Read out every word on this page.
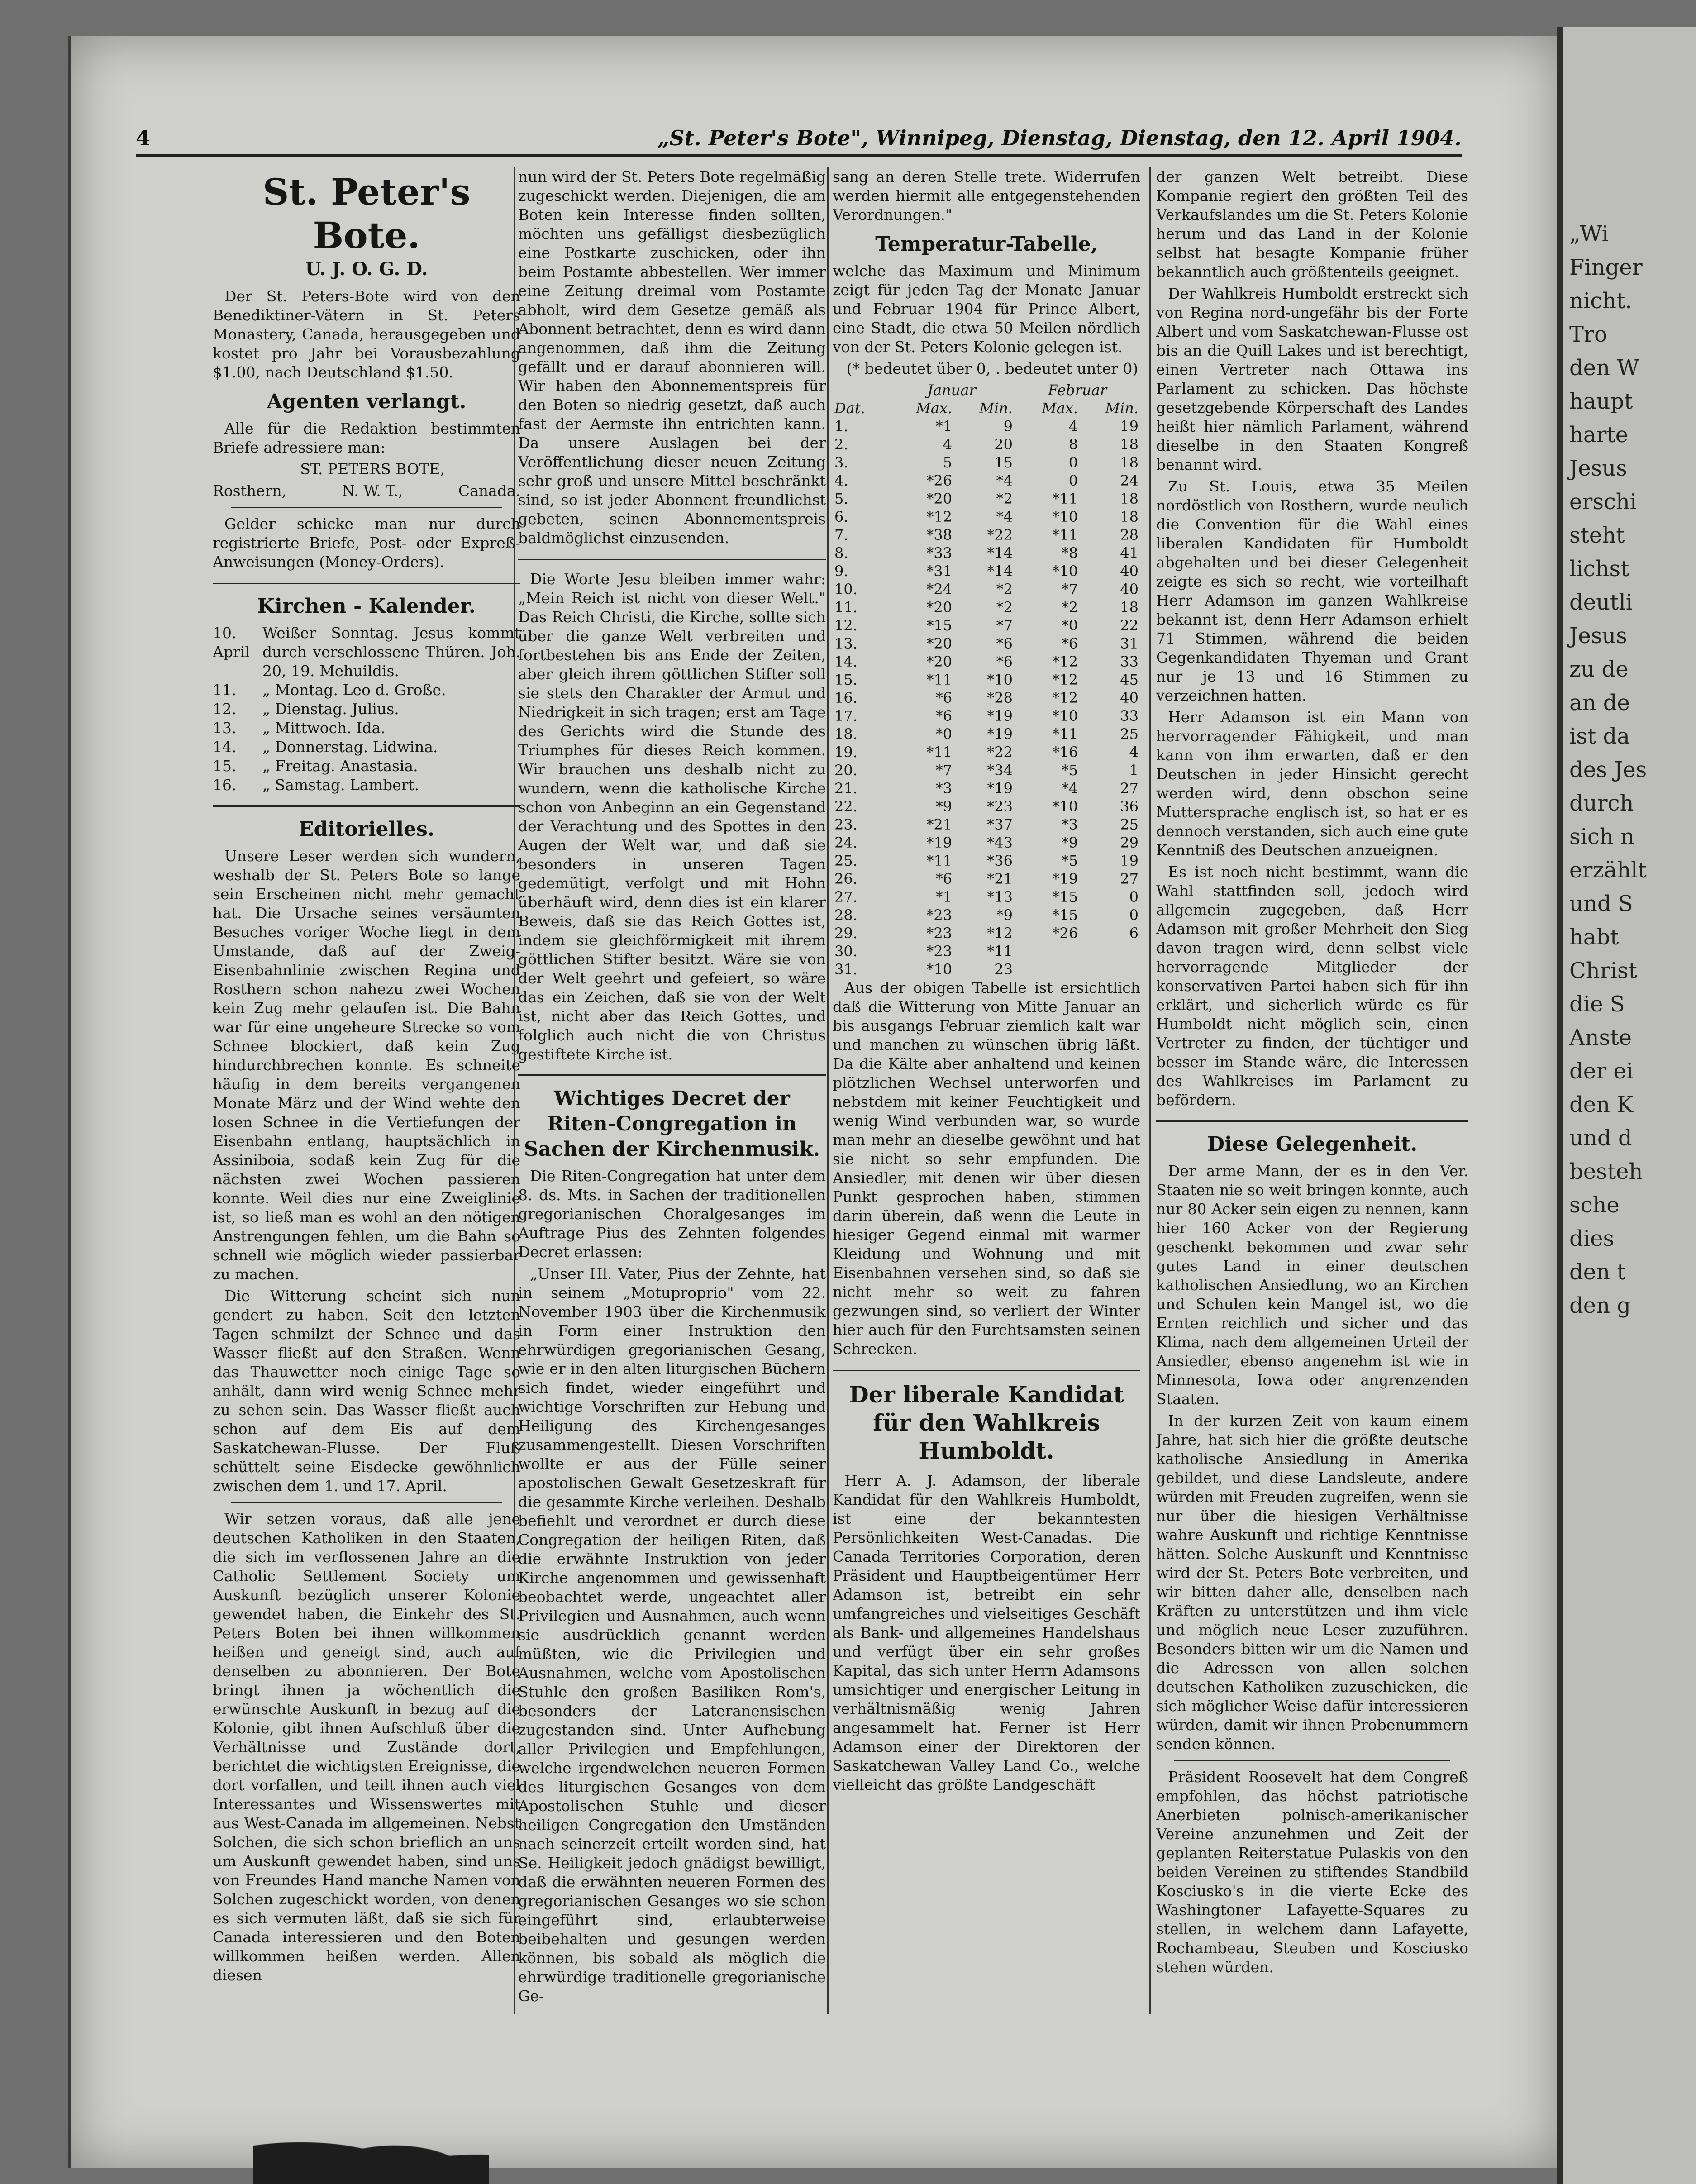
„Wi

Finger

nicht.

Tro

den W

haupt

harte

Jesus

erschi

steht

lichst

deutli

Jesus

zu de

an de

ist da

des Jes

durch

sich n

erzählt

und S

habt

Christ

die S

Anste

der ei

den K

und d

besteh

sche

dies

den t

den g

4	„St. Peter's Bote", Winnipeg, Dienstag, Dienstag, den 12. April 1904.
St. Peter's Bote.
U. J. O. G. D.

Der St. Peters-Bote wird von den Benediktiner-Vätern in St. Peters Monastery, Canada, herausgegeben und kostet pro Jahr bei Vorausbezahlung $1.00, nach Deutschland $1.50.

Agenten verlangt.

Alle für die Redaktion bestimmten Briefe adressiere man:

ST. PETERS BOTE,

Rosthern,	N. W. T.,	Canada.

Gelder schicke man nur durch registrierte Briefe, Post- oder Expreß-Anweisungen (Money-Orders).

Kirchen - Kalender.
10. April	Weißer Sonntag. Jesus kommt durch verschlossene Thüren. Joh. 20, 19. Mehuildis.
11.	„ Montag. Leo d. Große.
12.	„ Dienstag. Julius.
13.	„ Mittwoch. Ida.
14.	„ Donnerstag. Lidwina.
15.	„ Freitag. Anastasia.
16.	„ Samstag. Lambert.
Editorielles.

Unsere Leser werden sich wundern, weshalb der St. Peters Bote so lange sein Erscheinen nicht mehr gemacht hat. Die Ursache seines versäumten Besuches voriger Woche liegt in dem Umstande, daß auf der Zweig-Eisenbahnlinie zwischen Regina und Rosthern schon nahezu zwei Wochen kein Zug mehr gelaufen ist. Die Bahn war für eine ungeheure Strecke so vom Schnee blockiert, daß kein Zug hindurchbrechen konnte. Es schneite häufig in dem bereits vergangenen Monate März und der Wind wehte den losen Schnee in die Vertiefungen der Eisenbahn entlang, hauptsächlich in Assiniboia, sodaß kein Zug für die nächsten zwei Wochen passieren konnte. Weil dies nur eine Zweiglinie ist, so ließ man es wohl an den nötigen Anstrengungen fehlen, um die Bahn so schnell wie möglich wieder passierbar zu machen.

Die Witterung scheint sich nun gendert zu haben. Seit den letzten Tagen schmilzt der Schnee und das Wasser fließt auf den Straßen. Wenn das Thauwetter noch einige Tage so anhält, dann wird wenig Schnee mehr zu sehen sein. Das Wasser fließt auch schon auf dem Eis auf dem Saskatchewan-Flusse. Der Fluß schüttelt seine Eisdecke gewöhnlich zwischen dem 1. und 17. April.

Wir setzen voraus, daß alle jene deutschen Katholiken in den Staaten, die sich im verflossenen Jahre an die Catholic Settlement Society um Auskunft bezüglich unserer Kolonie gewendet haben, die Einkehr des St. Peters Boten bei ihnen willkommen heißen und geneigt sind, auch auf denselben zu abonnieren. Der Bote bringt ihnen ja wöchentlich die erwünschte Auskunft in bezug auf die Kolonie, gibt ihnen Aufschluß über die Verhältnisse und Zustände dort, berichtet die wichtigsten Ereignisse, die dort vorfallen, und teilt ihnen auch viel Interessantes und Wissenswertes mit aus West-Canada im allgemeinen. Nebst Solchen, die sich schon brieflich an uns um Auskunft gewendet haben, sind uns von Freundes Hand manche Namen von Solchen zugeschickt worden, von denen es sich vermuten läßt, daß sie sich für Canada interessieren und den Boten willkommen heißen werden. Allen diesen

nun wird der St. Peters Bote regelmäßig zugeschickt werden. Diejenigen, die am Boten kein Interesse finden sollten, möchten uns gefälligst diesbezüglich eine Postkarte zuschicken, oder ihn beim Postamte abbestellen. Wer immer eine Zeitung dreimal vom Postamte abholt, wird dem Gesetze gemäß als Abonnent betrachtet, denn es wird dann angenommen, daß ihm die Zeitung gefällt und er darauf abonnieren will. Wir haben den Abonnementspreis für den Boten so niedrig gesetzt, daß auch fast der Aermste ihn entrichten kann. Da unsere Auslagen bei der Veröffentlichung dieser neuen Zeitung sehr groß und unsere Mittel beschränkt sind, so ist jeder Abonnent freundlichst gebeten, seinen Abonnementspreis baldmöglichst einzusenden.

Die Worte Jesu bleiben immer wahr: „Mein Reich ist nicht von dieser Welt." Das Reich Christi, die Kirche, sollte sich über die ganze Welt verbreiten und fortbestehen bis ans Ende der Zeiten, aber gleich ihrem göttlichen Stifter soll sie stets den Charakter der Armut und Niedrigkeit in sich tragen; erst am Tage des Gerichts wird die Stunde des Triumphes für dieses Reich kommen. Wir brauchen uns deshalb nicht zu wundern, wenn die katholische Kirche schon von Anbeginn an ein Gegenstand der Verachtung und des Spottes in den Augen der Welt war, und daß sie besonders in unseren Tagen gedemütigt, verfolgt und mit Hohn überhäuft wird, denn dies ist ein klarer Beweis, daß sie das Reich Gottes ist, indem sie gleichförmigkeit mit ihrem göttlichen Stifter besitzt. Wäre sie von der Welt geehrt und gefeiert, so wäre das ein Zeichen, daß sie von der Welt ist, nicht aber das Reich Gottes, und folglich auch nicht die von Christus gestiftete Kirche ist.

Wichtiges Decret der Riten-Congregation in Sachen der Kirchenmusik.

Die Riten-Congregation hat unter dem 8. ds. Mts. in Sachen der traditionellen gregorianischen Choralgesanges im Auftrage Pius des Zehnten folgendes Decret erlassen:

„Unser Hl. Vater, Pius der Zehnte, hat in seinem „Motuproprio" vom 22. November 1903 über die Kirchenmusik in Form einer Instruktion den ehrwürdigen gregorianischen Gesang, wie er in den alten liturgischen Büchern sich findet, wieder eingeführt und wichtige Vorschriften zur Hebung und Heiligung des Kirchengesanges zusammengestellt. Diesen Vorschriften wollte er aus der Fülle seiner apostolischen Gewalt Gesetzeskraft für die gesammte Kirche verleihen. Deshalb befiehlt und verordnet er durch diese Congregation der heiligen Riten, daß die erwähnte Instruktion von jeder Kirche angenommen und gewissenhaft beobachtet werde, ungeachtet aller Privilegien und Ausnahmen, auch wenn sie ausdrücklich genannt werden müßten, wie die Privilegien und Ausnahmen, welche vom Apostolischen Stuhle den großen Basiliken Rom's, besonders der Lateranensischen zugestanden sind. Unter Aufhebung aller Privilegien und Empfehlungen, welche irgendwelchen neueren Formen des liturgischen Gesanges von dem Apostolischen Stuhle und dieser heiligen Congregation den Umständen nach seinerzeit erteilt worden sind, hat Se. Heiligkeit jedoch gnädigst bewilligt, daß die erwähnten neueren Formen des gregorianischen Gesanges wo sie schon eingeführt sind, erlaubterweise beibehalten und gesungen werden können, bis sobald als möglich die ehrwürdige traditionelle gregorianische Ge-

sang an deren Stelle trete. Widerrufen werden hiermit alle entgegenstehenden Verordnungen."

Temperatur-Tabelle,

welche das Maximum und Minimum zeigt für jeden Tag der Monate Januar und Februar 1904 für Prince Albert, eine Stadt, die etwa 50 Meilen nördlich von der St. Peters Kolonie gelegen ist.

(* bedeutet über 0, . bedeutet unter 0)

	Januar		Februar	
Dat.	Max.	Min.	Max.	Min.
1.	*1	9	4	19
2.	4	20	8	18
3.	5	15	0	18
4.	*26	*4	0	24
5.	*20	*2	*11	18
6.	*12	*4	*10	18
7.	*38	*22	*11	28
8.	*33	*14	*8	41
9.	*31	*14	*10	40
10.	*24	*2	*7	40
11.	*20	*2	*2	18
12.	*15	*7	*0	22
13.	*20	*6	*6	31
14.	*20	*6	*12	33
15.	*11	*10	*12	45
16.	*6	*28	*12	40
17.	*6	*19	*10	33
18.	*0	*19	*11	25
19.	*11	*22	*16	4
20.	*7	*34	*5	1
21.	*3	*19	*4	27
22.	*9	*23	*10	36
23.	*21	*37	*3	25
24.	*19	*43	*9	29
25.	*11	*36	*5	19
26.	*6	*21	*19	27
27.	*1	*13	*15	0
28.	*23	*9	*15	0
29.	*23	*12	*26	6
30.	*23	*11		
31.	*10	23		

Aus der obigen Tabelle ist ersichtlich daß die Witterung von Mitte Januar an bis ausgangs Februar ziemlich kalt war und manchen zu wünschen übrig läßt. Da die Kälte aber anhaltend und keinen plötzlichen Wechsel unterworfen und nebstdem mit keiner Feuchtigkeit und wenig Wind verbunden war, so wurde man mehr an dieselbe gewöhnt und hat sie nicht so sehr empfunden. Die Ansiedler, mit denen wir über diesen Punkt gesprochen haben, stimmen darin überein, daß wenn die Leute in hiesiger Gegend einmal mit warmer Kleidung und Wohnung und mit Eisenbahnen versehen sind, so daß sie nicht mehr so weit zu fahren gezwungen sind, so verliert der Winter hier auch für den Furchtsamsten seinen Schrecken.

Der liberale Kandidat für den Wahlkreis Humboldt.

Herr A. J. Adamson, der liberale Kandidat für den Wahlkreis Humboldt, ist eine der bekanntesten Persönlichkeiten West-Canadas. Die Canada Territories Corporation, deren Präsident und Hauptbeigentümer Herr Adamson ist, betreibt ein sehr umfangreiches und vielseitiges Geschäft als Bank- und allgemeines Handelshaus und verfügt über ein sehr großes Kapital, das sich unter Herrn Adamsons umsichtiger und energischer Leitung in verhältnismäßig wenig Jahren angesammelt hat. Ferner ist Herr Adamson einer der Direktoren der Saskatchewan Valley Land Co., welche vielleicht das größte Landgeschäft

der ganzen Welt betreibt. Diese Kompanie regiert den größten Teil des Verkaufslandes um die St. Peters Kolonie herum und das Land in der Kolonie selbst hat besagte Kompanie früher bekanntlich auch größtenteils geeignet.

Der Wahlkreis Humboldt erstreckt sich von Regina nord-ungefähr bis der Forte Albert und vom Saskatchewan-Flusse ost bis an die Quill Lakes und ist berechtigt, einen Vertreter nach Ottawa ins Parlament zu schicken. Das höchste gesetzgebende Körperschaft des Landes heißt hier nämlich Parlament, während dieselbe in den Staaten Kongreß benannt wird.

Zu St. Louis, etwa 35 Meilen nordöstlich von Rosthern, wurde neulich die Convention für die Wahl eines liberalen Kandidaten für Humboldt abgehalten und bei dieser Gelegenheit zeigte es sich so recht, wie vorteilhaft Herr Adamson im ganzen Wahlkreise bekannt ist, denn Herr Adamson erhielt 71 Stimmen, während die beiden Gegenkandidaten Thyeman und Grant nur je 13 und 16 Stimmen zu verzeichnen hatten.

Herr Adamson ist ein Mann von hervorragender Fähigkeit, und man kann von ihm erwarten, daß er den Deutschen in jeder Hinsicht gerecht werden wird, denn obschon seine Muttersprache englisch ist, so hat er es dennoch verstanden, sich auch eine gute Kenntniß des Deutschen anzueignen.

Es ist noch nicht bestimmt, wann die Wahl stattfinden soll, jedoch wird allgemein zugegeben, daß Herr Adamson mit großer Mehrheit den Sieg davon tragen wird, denn selbst viele hervorragende Mitglieder der konservativen Partei haben sich für ihn erklärt, und sicherlich würde es für Humboldt nicht möglich sein, einen Vertreter zu finden, der tüchtiger und besser im Stande wäre, die Interessen des Wahlkreises im Parlament zu befördern.

Diese Gelegenheit.

Der arme Mann, der es in den Ver. Staaten nie so weit bringen konnte, auch nur 80 Acker sein eigen zu nennen, kann hier 160 Acker von der Regierung geschenkt bekommen und zwar sehr gutes Land in einer deutschen katholischen Ansiedlung, wo an Kirchen und Schulen kein Mangel ist, wo die Ernten reichlich und sicher und das Klima, nach dem allgemeinen Urteil der Ansiedler, ebenso angenehm ist wie in Minnesota, Iowa oder angrenzenden Staaten.

In der kurzen Zeit von kaum einem Jahre, hat sich hier die größte deutsche katholische Ansiedlung in Amerika gebildet, und diese Landsleute, andere würden mit Freuden zugreifen, wenn sie nur über die hiesigen Verhältnisse wahre Auskunft und richtige Kenntnisse hätten. Solche Auskunft und Kenntnisse wird der St. Peters Bote verbreiten, und wir bitten daher alle, denselben nach Kräften zu unterstützen und ihm viele und möglich neue Leser zuzuführen. Besonders bitten wir um die Namen und die Adressen von allen solchen deutschen Katholiken zuzuschicken, die sich möglicher Weise dafür interessieren würden, damit wir ihnen Probenummern senden können.

Präsident Roosevelt hat dem Congreß empfohlen, das höchst patriotische Anerbieten polnisch-amerikanischer Vereine anzunehmen und Zeit der geplanten Reiterstatue Pulaskis von den beiden Vereinen zu stiftendes Standbild Kosciusko's in die vierte Ecke des Washingtoner Lafayette-Squares zu stellen, in welchem dann Lafayette, Rochambeau, Steuben und Kosciusko stehen würden.
